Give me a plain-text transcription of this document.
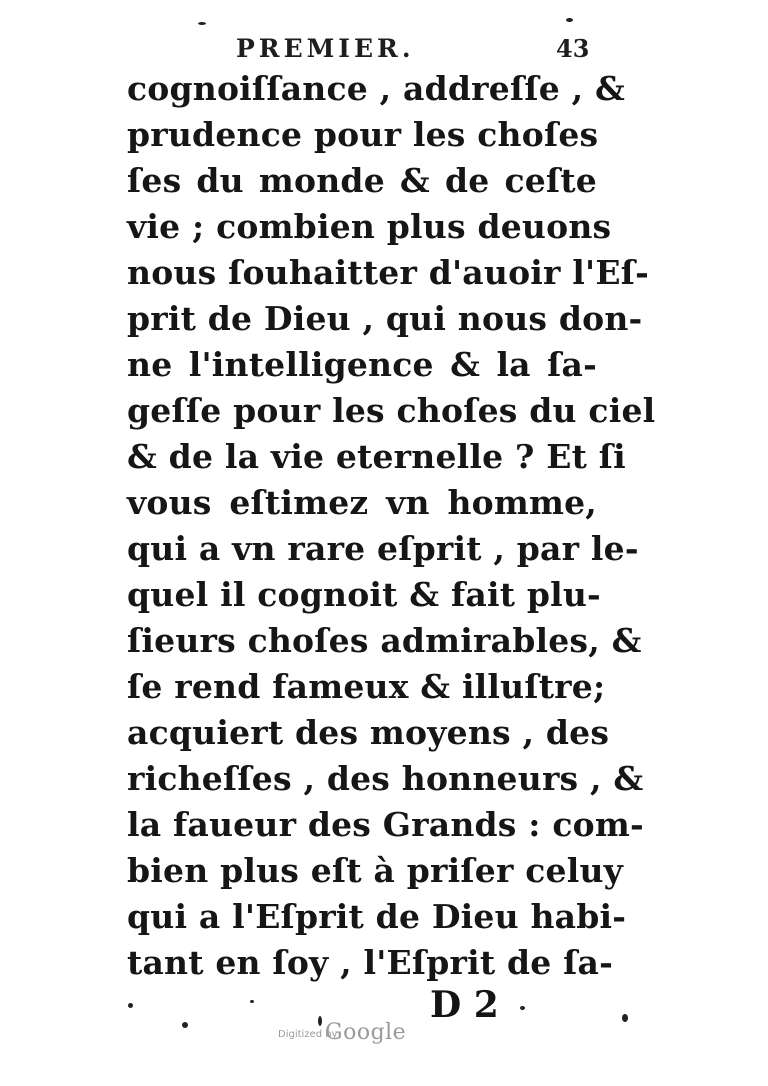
PREMIER.	43
cognoiſſance , addreſſe , &
prudence pour les choſes
ſes du monde & de ceſte
vie ; combien plus deuons
nous ſouhaitter d'auoir l'Eſ-
prit de Dieu , qui nous don-
ne l'intelligence & la ſa-
geſſe pour les choſes du ciel
& de la vie eternelle ? Et ſi
vous eſtimez vn homme,
qui a vn rare eſprit , par le-
quel il cognoit & fait plu-
ſieurs choſes admirables, &
ſe rend fameux & illuſtre;
acquiert des moyens , des
richeſſes , des honneurs , &
la faueur des Grands : com-
bien plus eſt à priſer celuy
qui a l'Eſprit de Dieu habi-
tant en ſoy , l'Eſprit de ſa-
D 2
Digitized by
Google
